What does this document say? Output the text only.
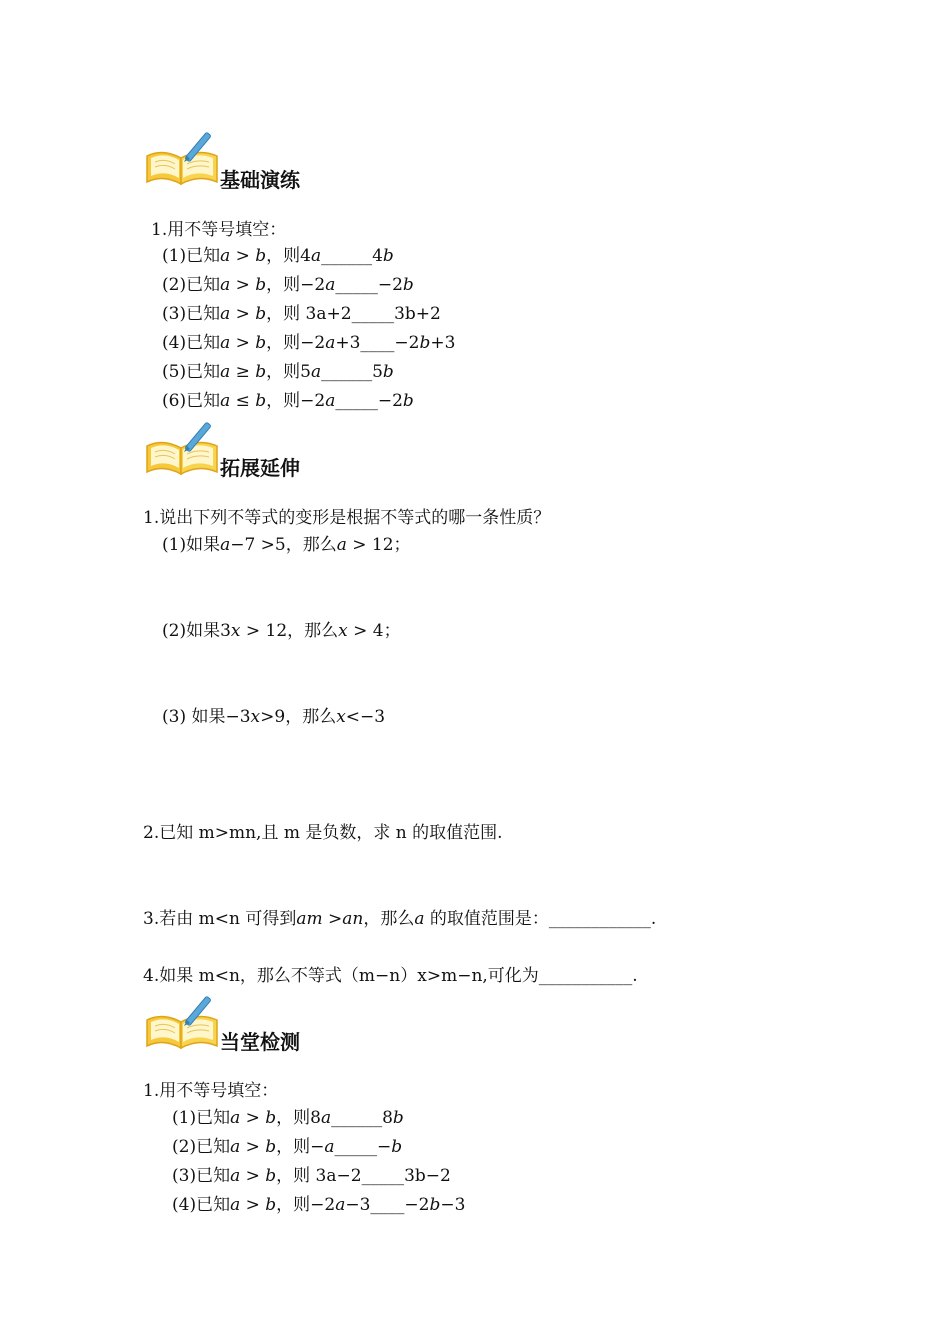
基础演练
1.用不等号填空：
(1)已知𝑎 > 𝑏，则4𝑎______4𝑏
(2)已知𝑎 > 𝑏，则−2𝑎_____−2𝑏
(3)已知𝑎 > 𝑏，则 3a+2_____3b+2
(4)已知𝑎 > 𝑏，则−2𝑎+3____−2𝑏+3
(5)已知𝑎 ≥ 𝑏，则5𝑎______5𝑏
(6)已知𝑎 ≤ 𝑏，则−2𝑎_____−2𝑏
拓展延伸
1.说出下列不等式的变形是根据不等式的哪一条性质？
(1)如果𝑎−7 >5，那么𝑎 > 12；
(2)如果3𝑥 > 12，那么𝑥 > 4；
(3) 如果−3𝑥>9，那么𝑥<−3
2.已知 m>mn,且 m 是负数，求 n 的取值范围.
3.若由 m<n 可得到𝑎𝑚 >𝑎𝑛，那么𝑎 的取值范围是：____________.
4.如果 m<n，那么不等式（m−n）x>m−n,可化为___________.
当堂检测
1.用不等号填空：
(1)已知𝑎 > 𝑏，则8𝑎______8𝑏
(2)已知𝑎 > 𝑏，则−𝑎_____−𝑏
(3)已知𝑎 > 𝑏，则 3a−2_____3b−2
(4)已知𝑎 > 𝑏，则−2𝑎−3____−2𝑏−3
